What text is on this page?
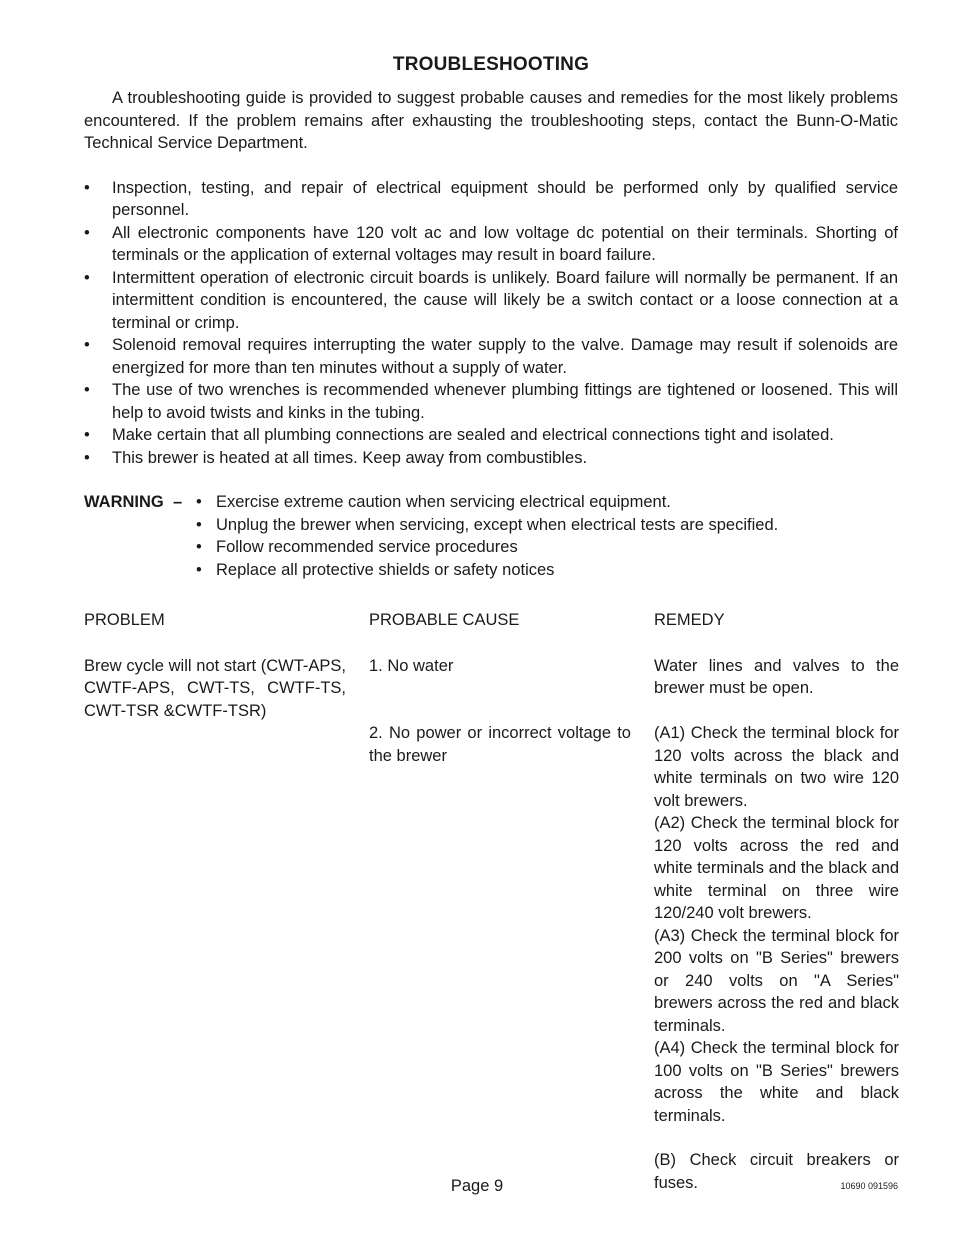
TROUBLESHOOTING

A troubleshooting guide is provided to suggest probable causes and remedies for the most likely problems encountered. If the problem remains after exhausting the troubleshooting steps, contact the Bunn-O-Matic Technical Service Department.

• Inspection, testing, and repair of electrical equipment should be performed only by qualified service personnel.
• All electronic components have 120 volt ac and low voltage dc potential on their terminals. Shorting of terminals or the application of external voltages may result in board failure.
• Intermittent operation of electronic circuit boards is unlikely. Board failure will normally be permanent. If an intermittent condition is encountered, the cause will likely be a switch contact or a loose connection at a terminal or crimp.
• Solenoid removal requires interrupting the water supply to the valve. Damage may result if solenoids are energized for more than ten minutes without a supply of water.
• The use of two wrenches is recommended whenever plumbing fittings are tightened or loosened. This will help to avoid twists and kinks in the tubing.
• Make certain that all plumbing connections are sealed and electrical connections tight and isolated.
• This brewer is heated at all times. Keep away from combustibles.
WARNING –
•	Exercise extreme caution when servicing electrical equipment.
• Unplug the brewer when servicing, except when electrical tests are specified.
• Follow recommended service procedures
• Replace all protective shields or safety notices
PROBLEM	PROBABLE CAUSE	REMEDY
Brew cycle will not start (CWT-APS, CWTF-APS, CWT-TS, CWTF-TS, CWT-TSR &CWTF-TSR)
1. No water
2. No power or incorrect voltage to the brewer
Water lines and valves to the brewer must be open.
(A1) Check the terminal block for 120 volts across the black and white terminals on two wire 120 volt brewers.
(A2) Check the terminal block for 120 volts across the red and white terminals and the black and white terminal on three wire 120/240 volt brewers.
(A3) Check the terminal block for 200 volts on "B Series" brewers or 240 volts on "A Series" brewers across the red and black terminals.
(A4) Check the terminal block for 100 volts on "B Series" brewers across the white and black terminals.
(B) Check circuit breakers or fuses.
Page 9	10690 091596
